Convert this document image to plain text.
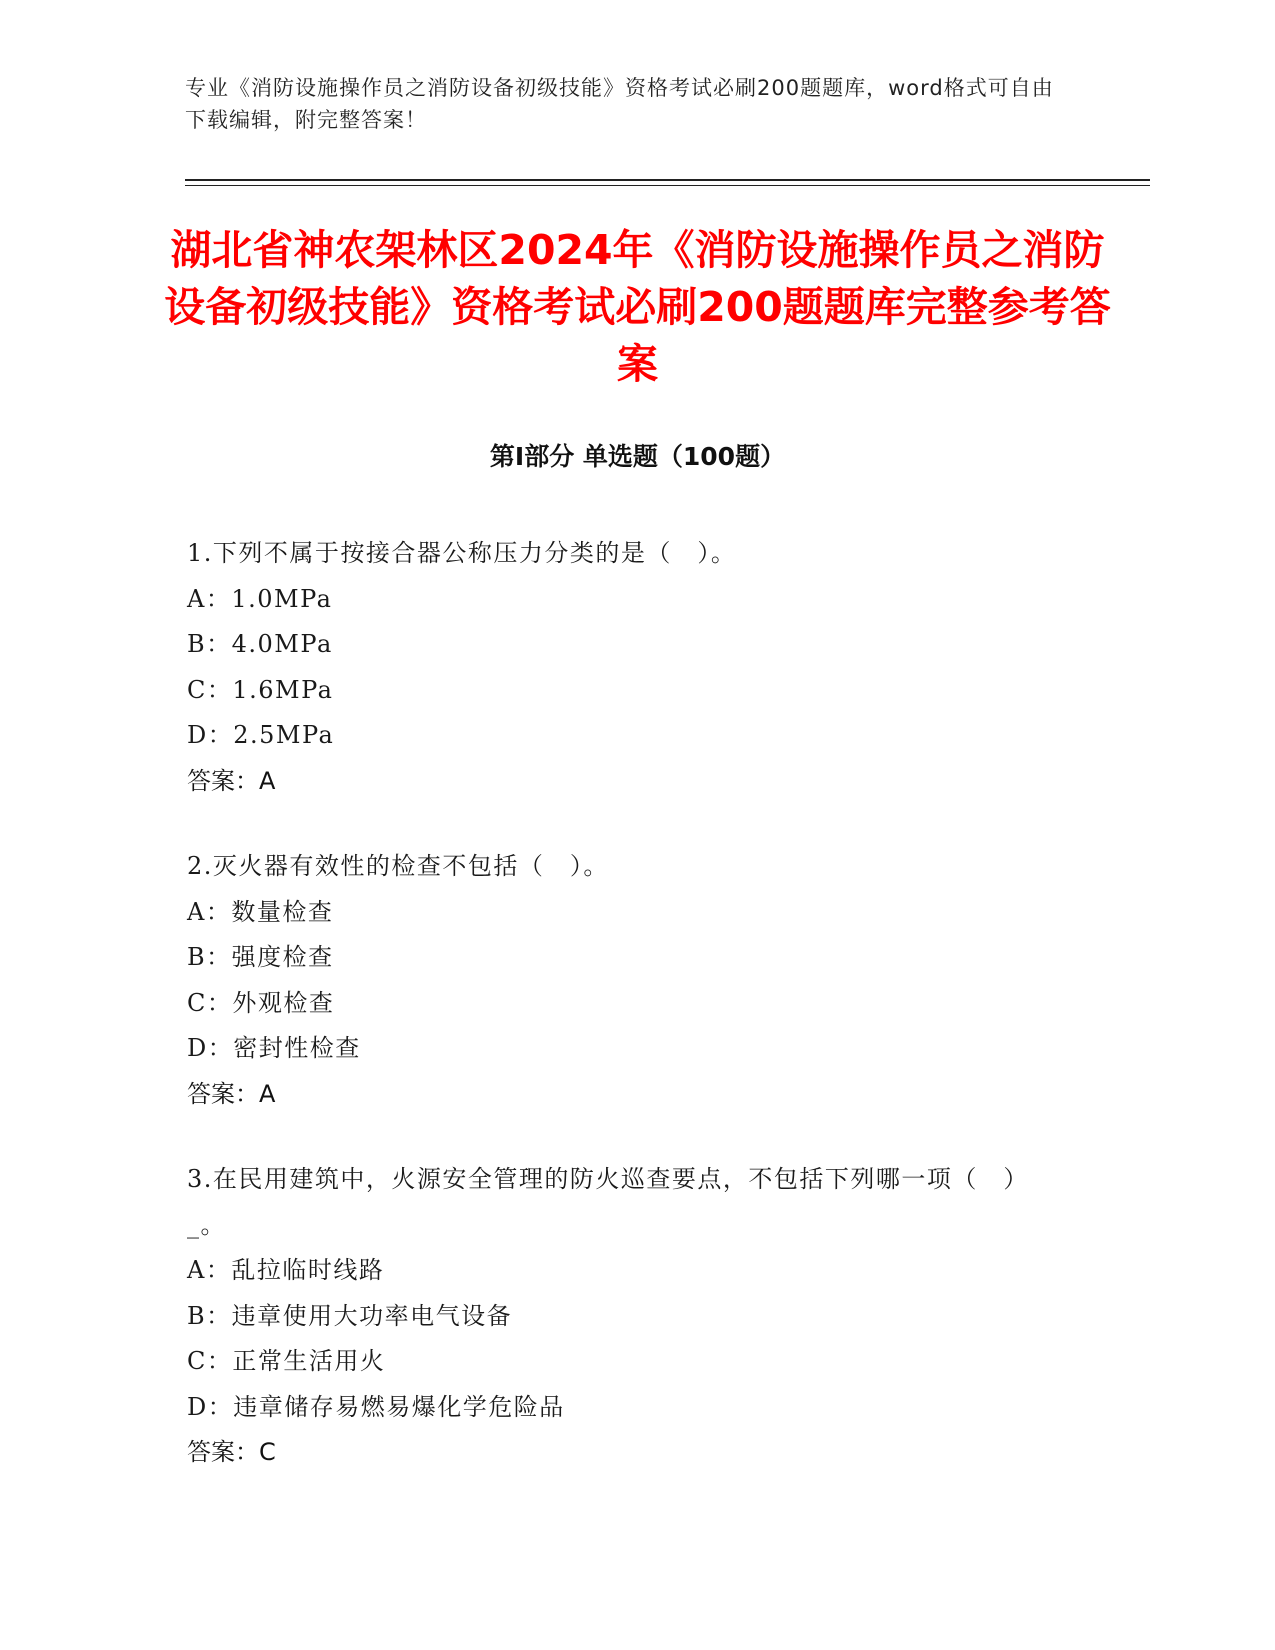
专业《消防设施操作员之消防设备初级技能》资格考试必刷200题题库，word格式可自由下载编辑，附完整答案！
湖北省神农架林区2024年《消防设施操作员之消防设备初级技能》资格考试必刷200题题库完整参考答案
第I部分 单选题（100题）
1.下列不属于按接合器公称压力分类的是（　）。
A：1.0MPa
B：4.0MPa
C：1.6MPa
D：2.5MPa
答案：A
2.灭火器有效性的检查不包括（　）。
A：数量检查
B：强度检查
C：外观检查
D：密封性检查
答案：A
3.在民用建筑中，火源安全管理的防火巡查要点，不包括下列哪一项（　）_。
A：乱拉临时线路
B：违章使用大功率电气设备
C：正常生活用火
D：违章储存易燃易爆化学危险品
答案：C
